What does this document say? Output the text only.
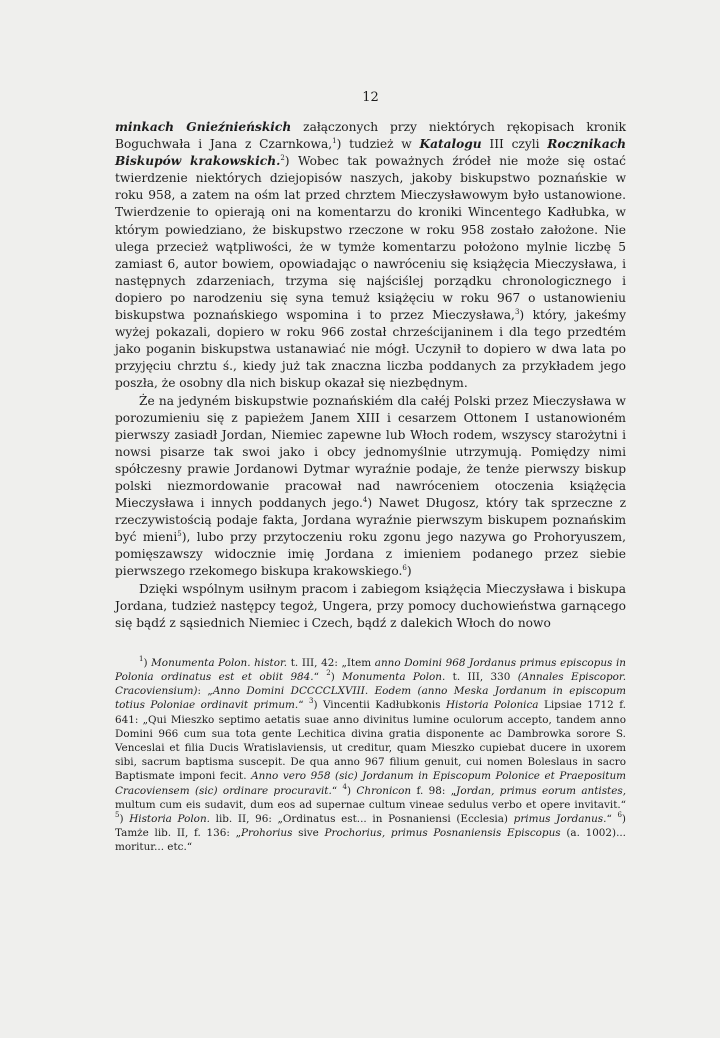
12

minkach Gnieźnieńskich załączonych przy niektórych rękopisach kronik Boguchwała i Jana z Czarnkowa,$^1$) tudzież w Katalogu III czyli Rocznikach Biskupów krakowskich.$^2$) Wobec tak poważnych źródeł nie może się ostać twierdzenie niektórych dziejopisów naszych, jakoby biskupstwo poznańskie w roku 958, a zatem na ośm lat przed chrztem Mieczysławowym było ustanowione. Twierdzenie to opierają oni na komentarzu do kroniki Wincentego Kadłubka, w którym powiedziano, że biskupstwo rzeczone w roku 958 zostało założone. Nie ulega przecież wątpliwości, że w tymże komentarzu położono mylnie liczbę 5 zamiast 6, autor bowiem, opowiadając o nawróceniu się książęcia Mieczysława, i następnych zdarzeniach, trzyma się najściślej porządku chronologicznego i dopiero po narodzeniu się syna temuż książęciu w roku 967 o ustanowieniu biskupstwa poznańskiego wspomina i to przez Mieczysława,$^3$) który, jakeśmy wyżej pokazali, dopiero w roku 966 został chrześcijaninem i dla tego przedtém jako poganin biskupstwa ustanawiać nie mógł. Uczynił to dopiero w dwa lata po przyjęciu chrztu ś., kiedy już tak znaczna liczba poddanych za przykładem jego poszła, że osobny dla nich biskup okazał się niezbędnym.

Że na jedyném biskupstwie poznańskiém dla całéj Polski przez Mieczysława w porozumieniu się z papieżem Janem XIII i cesarzem Ottonem I ustanowioném pierwszy zasiadł Jordan, Niemiec zapewne lub Włoch rodem, wszyscy starożytni i nowsi pisarze tak swoi jako i obcy jednomyślnie utrzymują. Pomiędzy nimi spółczesny prawie Jordanowi Dytmar wyraźnie podaje, że tenże pierwszy biskup polski niezmordowanie pracował nad nawróceniem otoczenia książęcia Mieczysława i innych poddanych jego.$^4$) Nawet Długosz, który tak sprzeczne z rzeczywistością podaje fakta, Jordana wyraźnie pierwszym biskupem poznańskim być mieni$^5$), lubo przy przytoczeniu roku zgonu jego nazywa go Prohoryuszem, pomięszawszy widocznie imię Jordana z imieniem podanego przez siebie pierwszego rzekomego biskupa krakowskiego.$^6$)

Dzięki wspólnym usiłnym pracom i zabiegom książęcia Mieczysława i biskupa Jordana, tudzież następcy tegoż, Ungera, przy pomocy duchowieństwa garnącego się bądź z sąsiednich Niemiec i Czech, bądź z dalekich Włoch do nowo

$^1$) Monumenta Polon. histor. t. III, 42: „Item anno Domini 968 Jordanus primus episcopus in Polonia ordinatus est et obiit 984.“ $^2$) Monumenta Polon. t. III, 330 (Annales Episcopor. Cracoviensium): „Anno Domini DCCCCLXVIII. Eodem (anno Meska Jordanum in episcopum totius Poloniae ordinavit primum.“ $^3$) Vincentii Kadłubkonis Historia Polonica Lipsiae 1712 f. 641: „Qui Mieszko septimo aetatis suae anno divinitus lumine oculorum accepto, tandem anno Domini 966 cum sua tota gente Lechitica divina gratia disponente ac Dambrowka sorore S. Venceslai et filia Ducis Wratislaviensis, ut creditur, quam Mieszko cupiebat ducere in uxorem sibi, sacrum baptisma suscepit. De qua anno 967 filium genuit, cui nomen Boleslaus in sacro Baptismate imponi fecit. Anno vero 958 (sic) Jordanum in Episcopum Polonice et Praepositum Cracoviensem (sic) ordinare procuravit.“ $^4$) Chronicon f. 98: „Jordan, primus eorum antistes, multum cum eis sudavit, dum eos ad supernae cultum vineae sedulus verbo et opere invitavit.“ $^5$) Historia Polon. lib. II, 96: „Ordinatus est... in Posnaniensi (Ecclesia) primus Jordanus.“ $^6$) Tamże lib. II, f. 136: „Prohorius sive Prochorius, primus Posnaniensis Episcopus (a. 1002)... moritur... etc.“
